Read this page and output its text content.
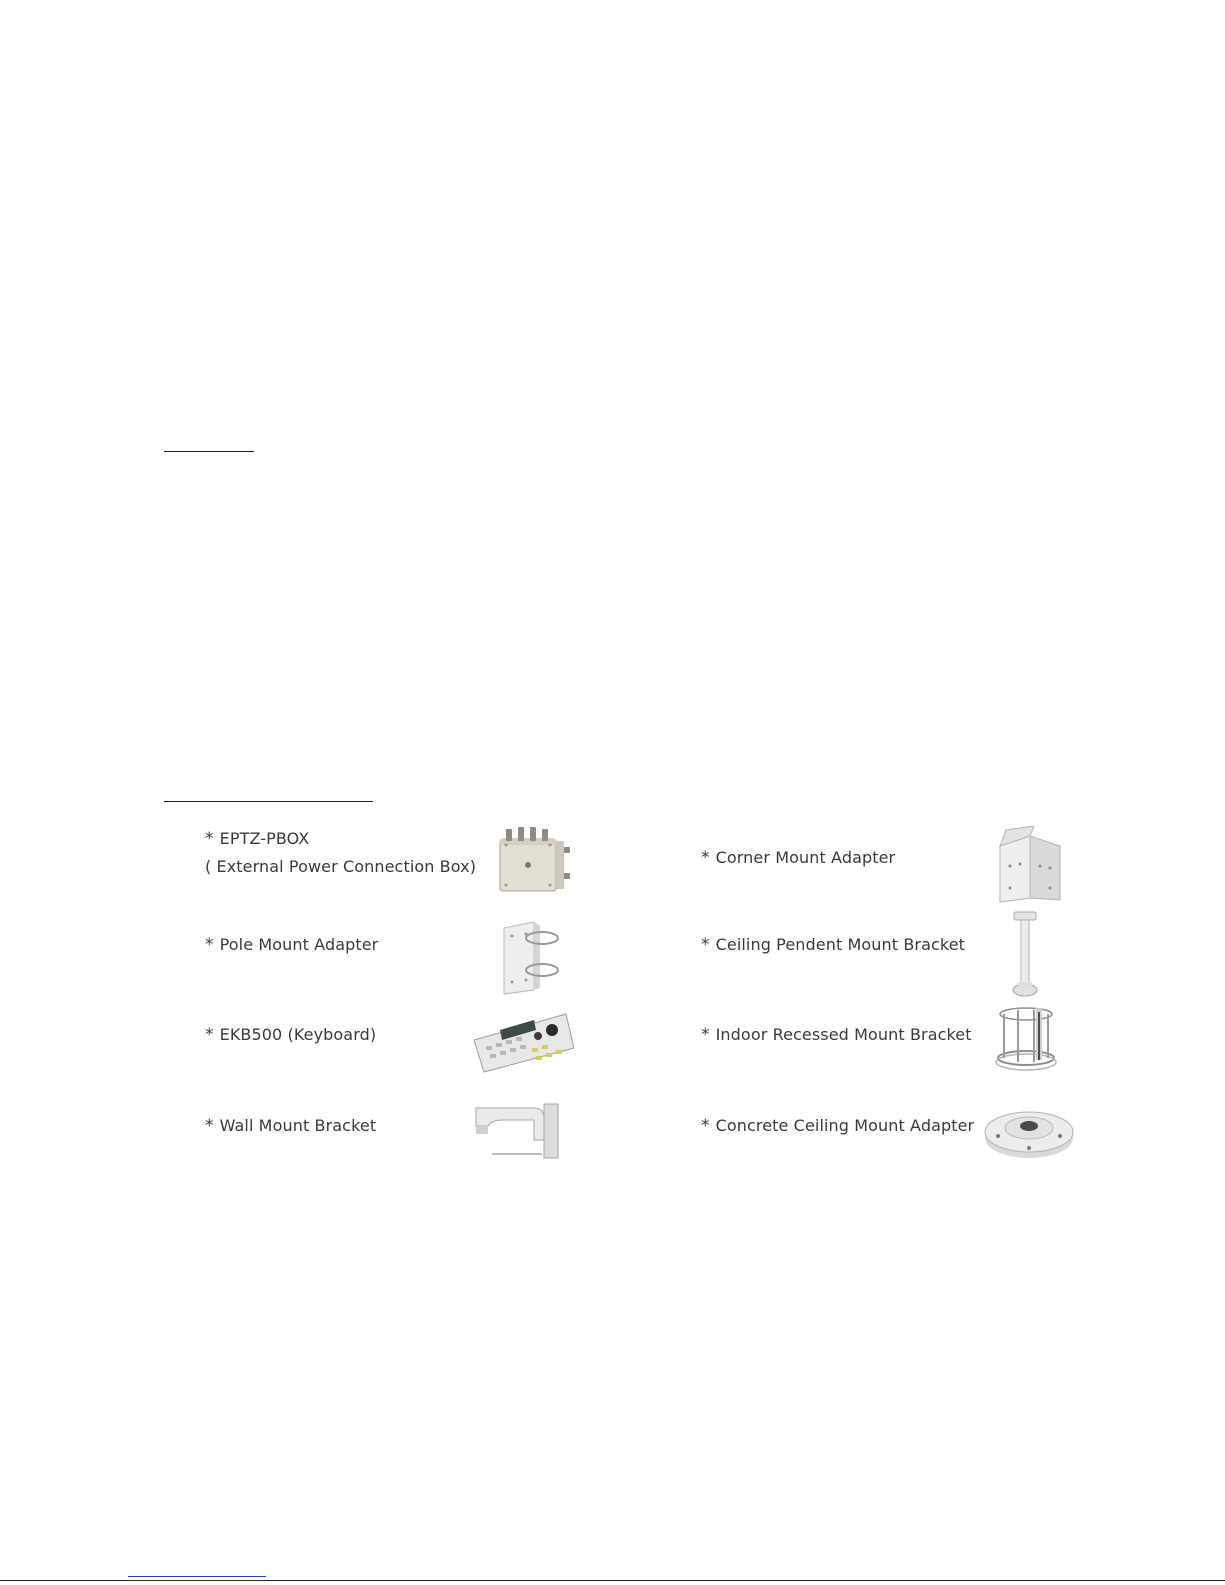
* EPTZ-PBOX
( External Power Connection Box)
* Pole Mount Adapter
* EKB500 (Keyboard)
* Wall Mount Bracket
* Corner Mount Adapter
* Ceiling Pendent Mount Bracket
* Indoor Recessed Mount Bracket
* Concrete Ceiling Mount Adapter
